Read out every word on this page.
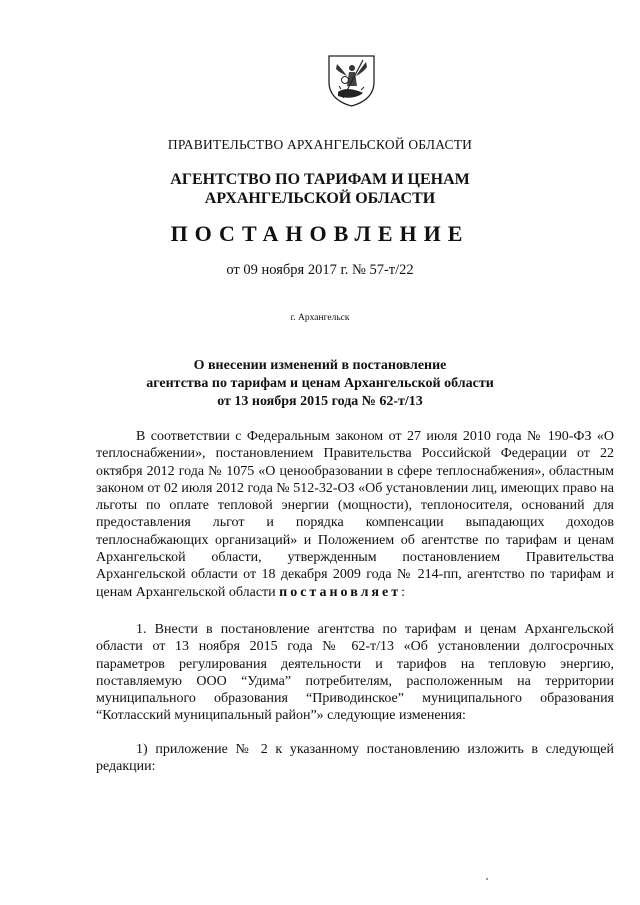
ПРАВИТЕЛЬСТВО АРХАНГЕЛЬСКОЙ ОБЛАСТИ
АГЕНТСТВО ПО ТАРИФАМ И ЦЕНАМ
АРХАНГЕЛЬСКОЙ ОБЛАСТИ
ПОСТАНОВЛЕНИЕ
от 09 ноября 2017 г. № 57-т/22
г. Архангельск
О внесении изменений в постановление
агентства по тарифам и ценам Архангельской области
от 13 ноября 2015 года № 62-т/13

В соответствии с Федеральным законом от 27 июля 2010 года № 190-ФЗ «О теплоснабжении», постановлением Правительства Российской Федерации от 22 октября 2012 года № 1075 «О ценообразовании в сфере теплоснабжения», областным законом от 02 июля 2012 года № 512-32-ОЗ «Об установлении лиц, имеющих право на льготы по оплате тепловой энергии (мощности), теплоносителя, оснований для предоставления льгот и порядка компенсации выпадающих доходов теплоснабжающих организаций» и Положением об агентстве по тарифам и ценам Архангельской области, утвержденным постановлением Правительства Архангельской области от 18 декабря 2009 года № 214-пп, агентство по тарифам и ценам Архангельской области постановляет:

1. Внести в постановление агентства по тарифам и ценам Архангельской области от 13 ноября 2015 года № 62-т/13 «Об установлении долгосрочных параметров регулирования деятельности и тарифов на тепловую энергию, поставляемую ООО “Удима” потребителям, расположенным на территории муниципального образования “Приводинское” муниципального образования “Котласский муниципальный район”» следующие изменения:

1) приложение № 2 к указанному постановлению изложить в следующей редакции:
